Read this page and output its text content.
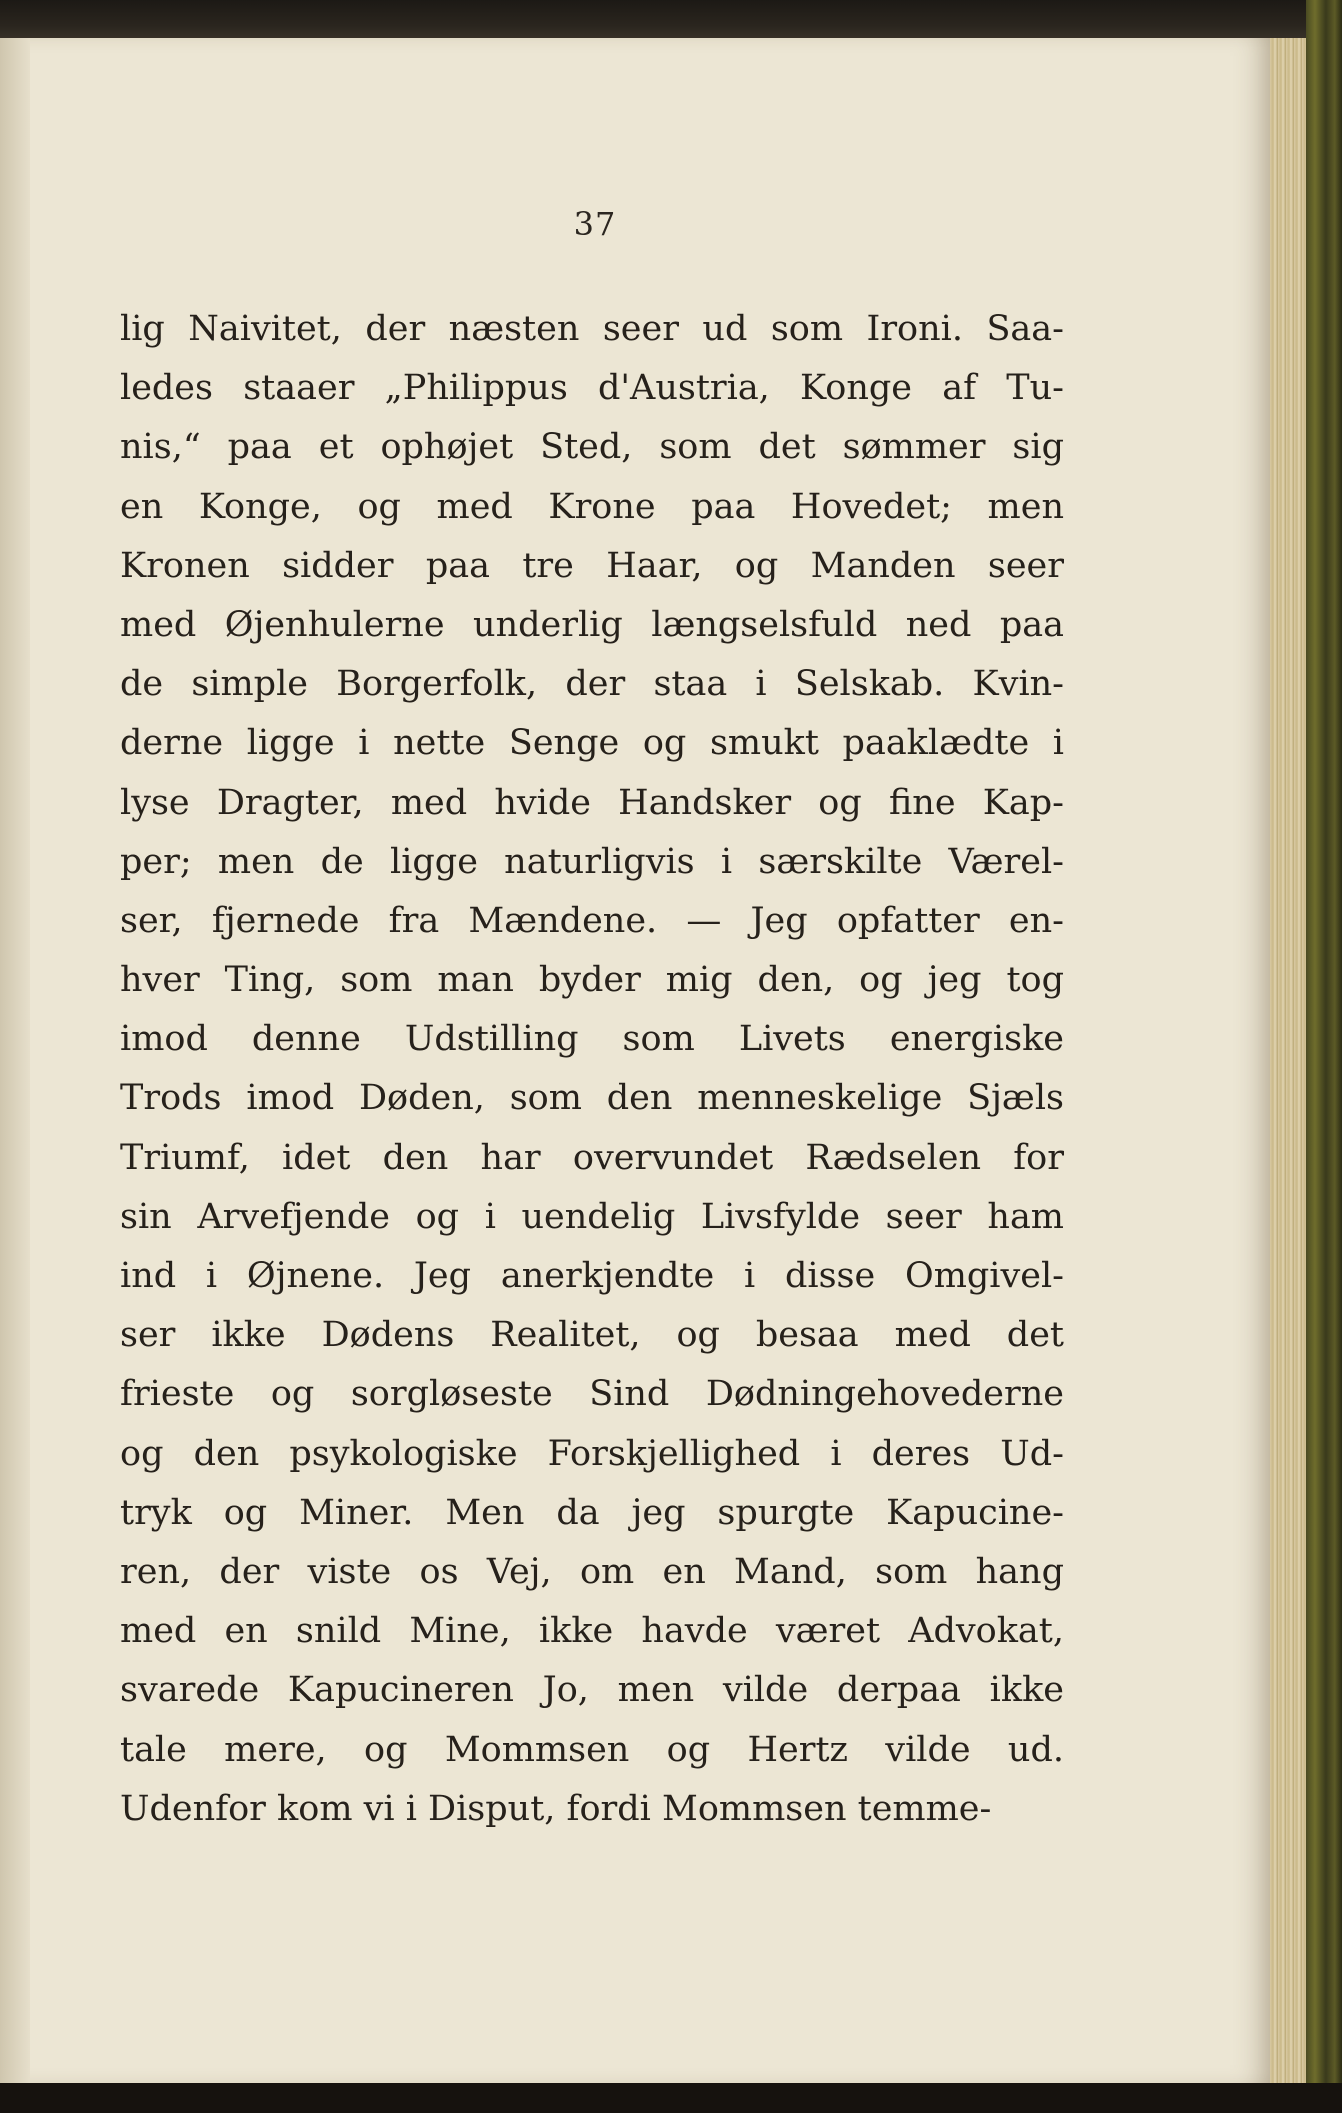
37
lig Naivitet, der næsten seer ud som Ironi. Saa-
ledes staaer „Philippus d'Austria, Konge af Tu-
nis,“ paa et ophøjet Sted, som det sømmer sig
en Konge, og med Krone paa Hovedet; men
Kronen sidder paa tre Haar, og Manden seer
med Øjenhulerne underlig længselsfuld ned paa
de simple Borgerfolk, der staa i Selskab. Kvin-
derne ligge i nette Senge og smukt paaklædte i
lyse Dragter, med hvide Handsker og fine Kap-
per; men de ligge naturligvis i særskilte Værel-
ser, fjernede fra Mændene. — Jeg opfatter en-
hver Ting, som man byder mig den, og jeg tog
imod denne Udstilling som Livets energiske
Trods imod Døden, som den menneskelige Sjæls
Triumf, idet den har overvundet Rædselen for
sin Arvefjende og i uendelig Livsfylde seer ham
ind i Øjnene. Jeg anerkjendte i disse Omgivel-
ser ikke Dødens Realitet, og besaa med det
frieste og sorgløseste Sind Dødningehovederne
og den psykologiske Forskjellighed i deres Ud-
tryk og Miner. Men da jeg spurgte Kapucine-
ren, der viste os Vej, om en Mand, som hang
med en snild Mine, ikke havde været Advokat,
svarede Kapucineren Jo, men vilde derpaa ikke
tale mere, og Mommsen og Hertz vilde ud.
Udenfor kom vi i Disput, fordi Mommsen temme-
